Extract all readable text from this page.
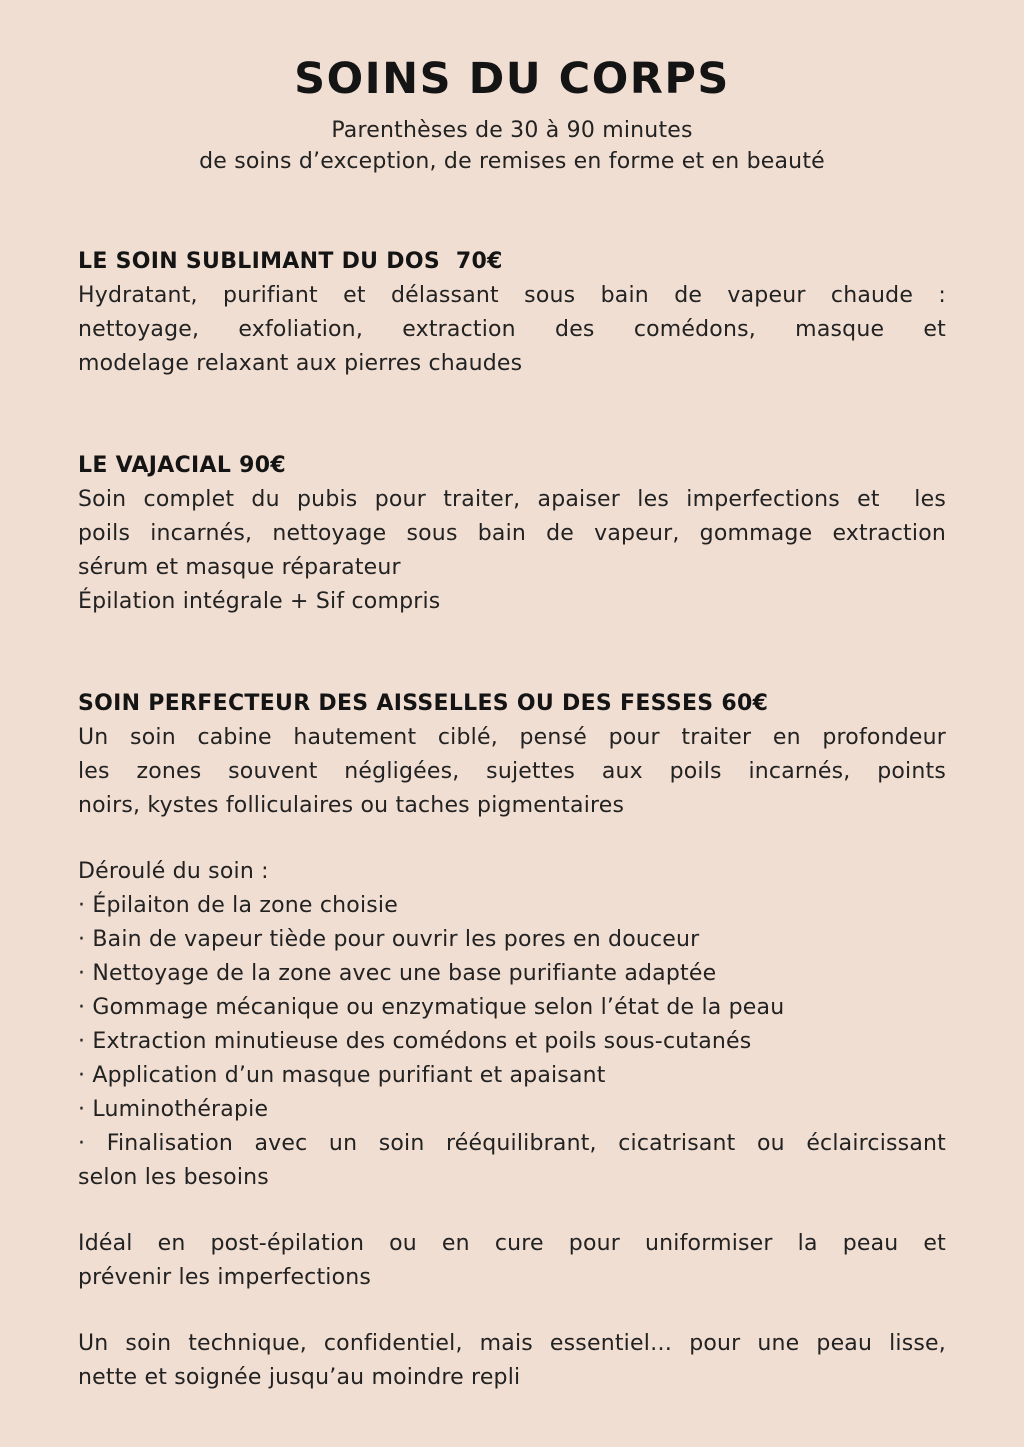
SOINS DU CORPS

Parenthèses de 30 à 90 minutes

de soins d’exception, de remises en forme et en beauté

LE SOIN SUBLIMANT DU DOS  70€
Hydratant, purifiant et délassant sous bain de vapeur chaude :
nettoyage, exfoliation, extraction des comédons, masque et
modelage relaxant aux pierres chaudes
LE VAJACIAL 90€
Soin complet du pubis pour traiter, apaiser les imperfections et  les
poils incarnés, nettoyage sous bain de vapeur, gommage extraction
sérum et masque réparateur
Épilation intégrale + Sif compris
SOIN PERFECTEUR DES AISSELLES OU DES FESSES 60€
Un soin cabine hautement ciblé, pensé pour traiter en profondeur
les zones souvent négligées, sujettes aux poils incarnés, points
noirs, kystes folliculaires ou taches pigmentaires
Déroulé du soin :
· Épilaiton de la zone choisie
· Bain de vapeur tiède pour ouvrir les pores en douceur
· Nettoyage de la zone avec une base purifiante adaptée
· Gommage mécanique ou enzymatique selon l’état de la peau
· Extraction minutieuse des comédons et poils sous-cutanés
· Application d’un masque purifiant et apaisant
· Luminothérapie
· Finalisation avec un soin rééquilibrant, cicatrisant ou éclaircissant
selon les besoins
Idéal en post-épilation ou en cure pour uniformiser la peau et
prévenir les imperfections
Un soin technique, confidentiel, mais essentiel… pour une peau lisse,
nette et soignée jusqu’au moindre repli
